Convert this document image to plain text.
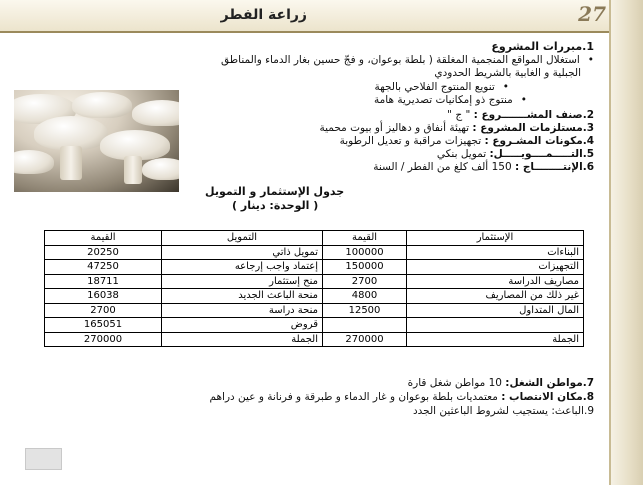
زراعة الفطر	27
1.مبررات المشروع
• استغلال المواقع المنجمية المغلقة ( بلطة بوعوان، و فجّ حسين بغار الدماء والمناطق
الجبلية و الغابية بالشريط الحدودي
• تنويع المنتوج الفلاحي بالجهة
• منتوج ذو إمكانيات تصديرية هامة
2.صنف المشـــــــروع : " ج "
3.مستلزمات المشروع : تهيئة أنفاق و دهاليز أو بيوت محمية
4.مكونات المشـروع : تجهيزات مراقبة و تعديل الرطوبة
5.التـــــمــــويـــــل: تمويل بنكي
6.الإنتــــــــاج : 150 ألف كلغ من الفطر / السنة
جدول الإستثمار و التمويل
( الوحدة: دينار )
الإستثمار	القيمة	التمويل	القيمة
البناءات	100000	تمويل ذاتي	20250
التجهيزات	150000	إعتماد واجب إرجاعه	47250
مصاريف الدراسة	2700	منح إستثمار	18711
غير ذلك من المصاريف	4800	منحة الباعث الجديد	16038
المال المتداول	12500	منحة دراسة	2700
		قروض	165051
الجملة	270000	الجملة	270000
7.مواطن الشغل: 10 مواطن شغل قارة
8.مكان الانتصاب : معتمديات بلطة بوعوان و غار الدماء و طبرقة و فرنانة و عين دراهم
9.الباعث: يستجيب لشروط الباعثين الجدد
